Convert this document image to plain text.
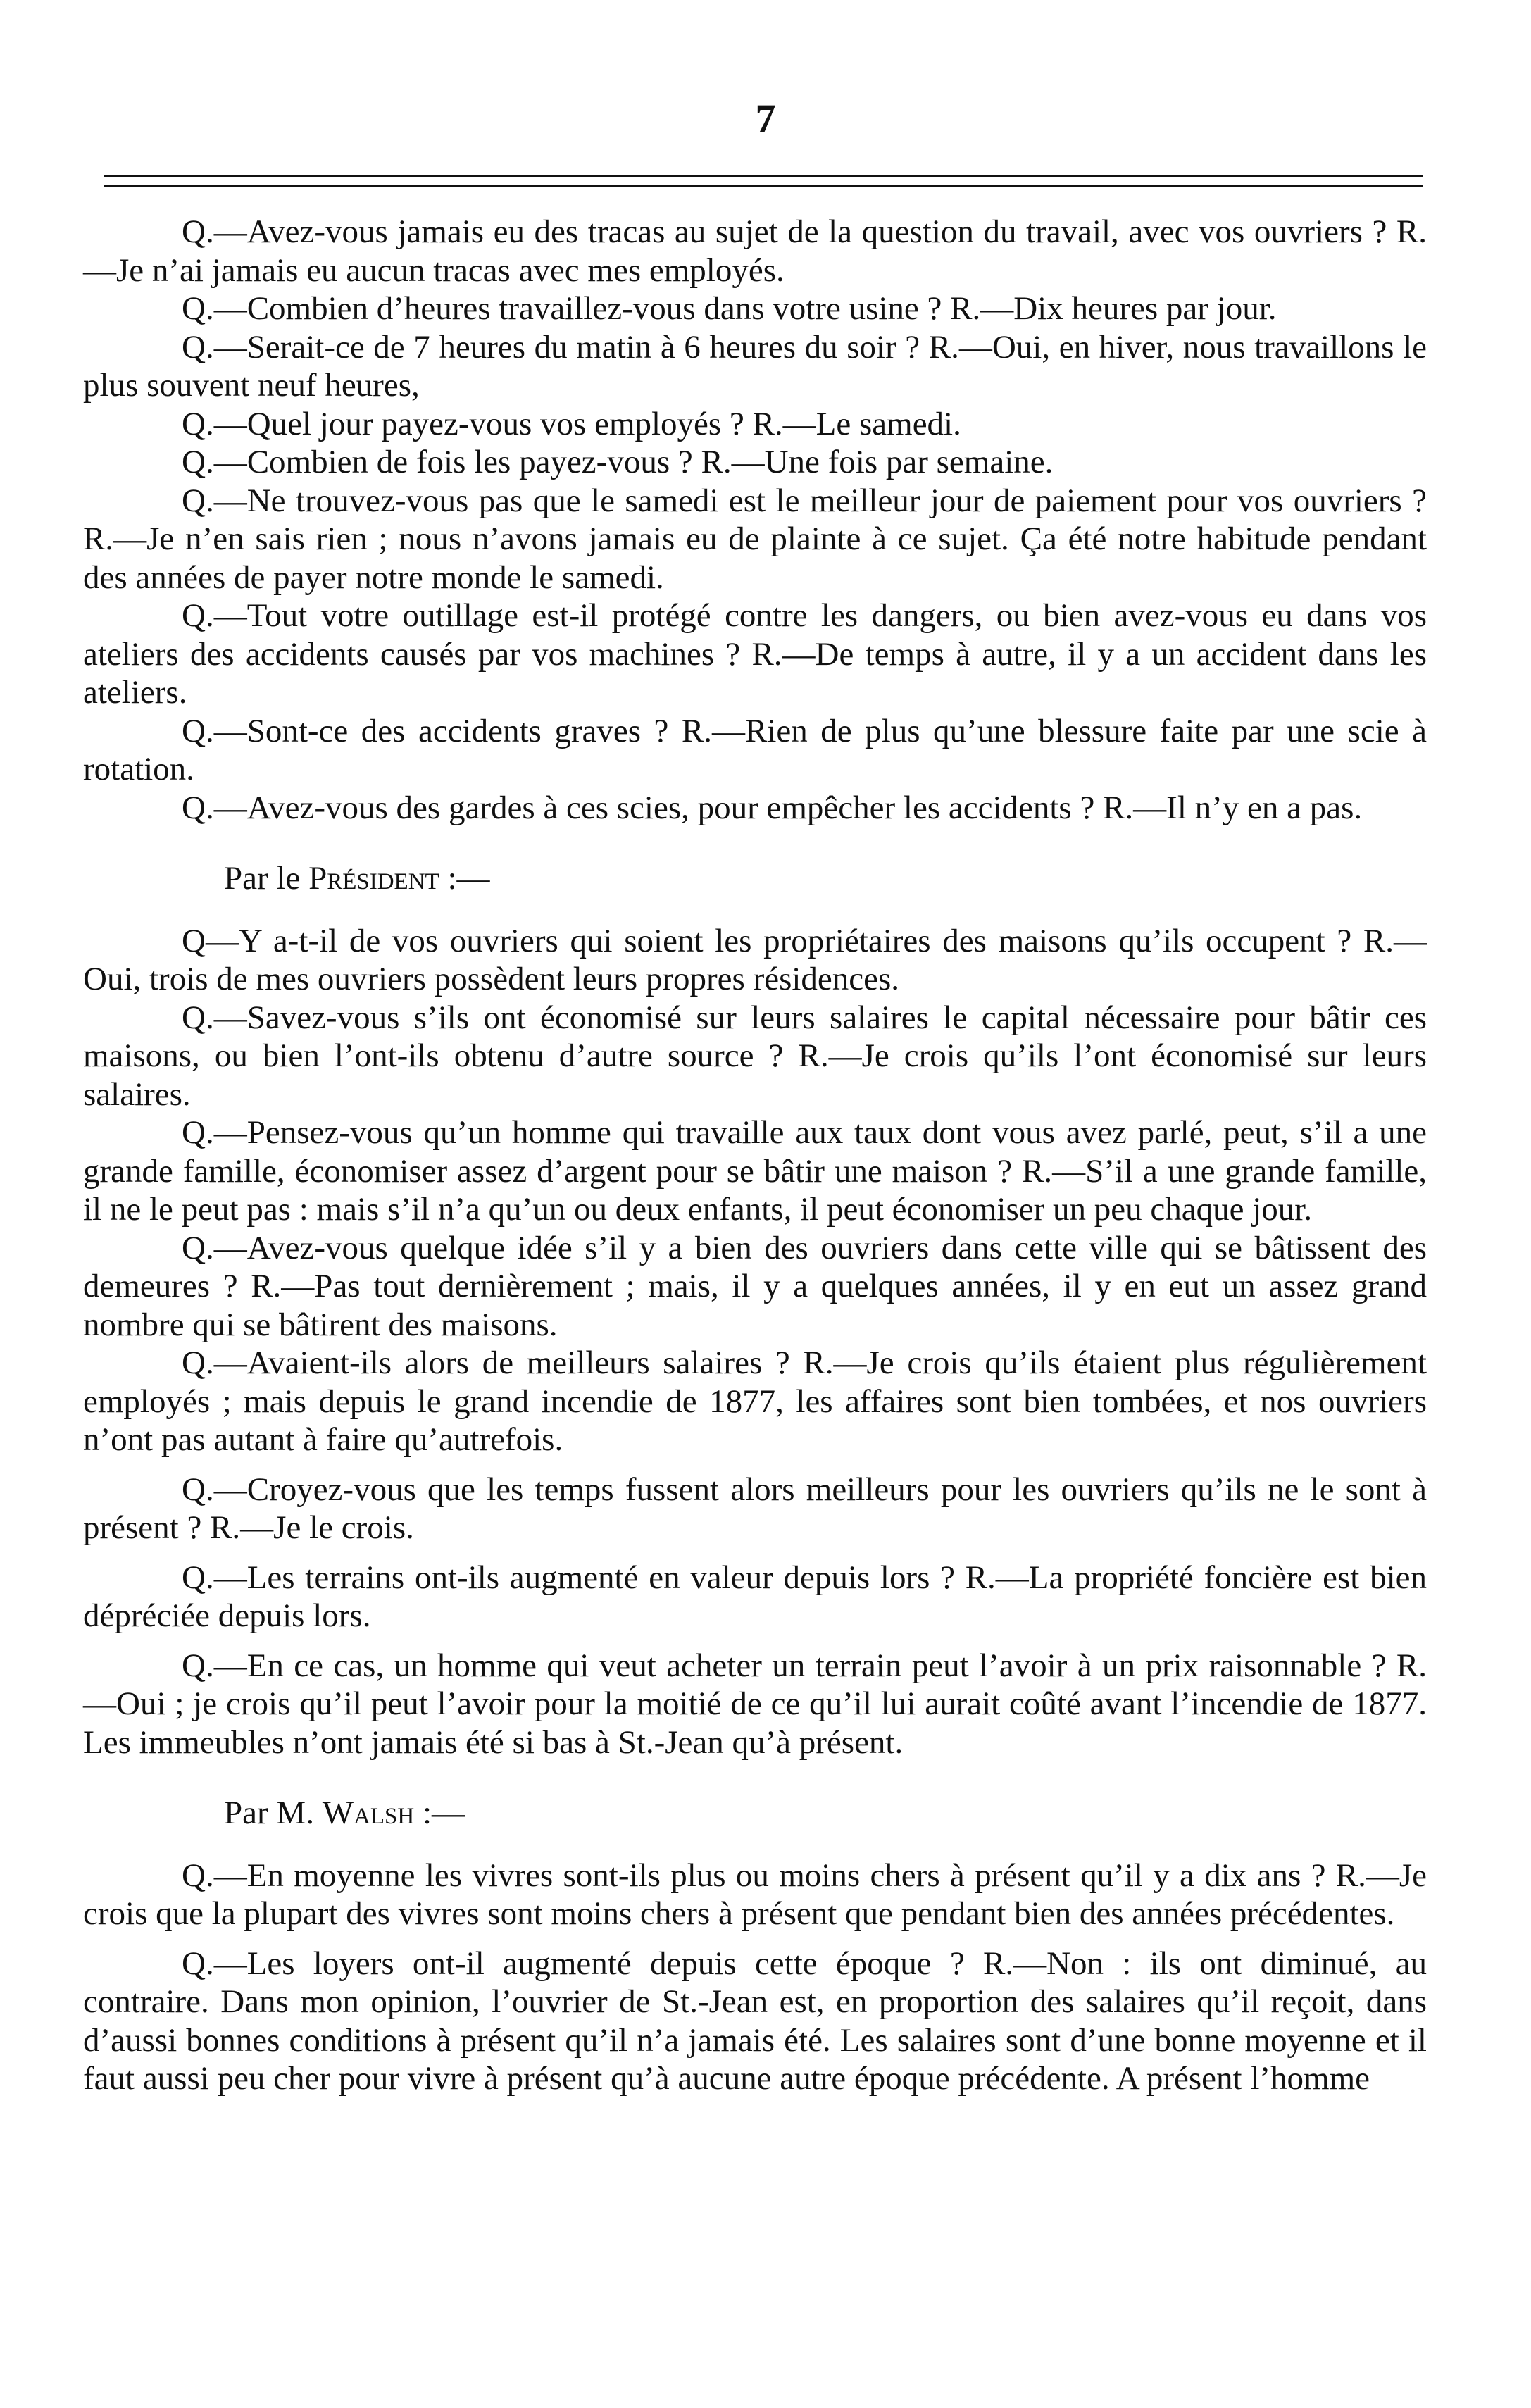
7

Q.—Avez-vous jamais eu des tracas au sujet de la question du travail, avec vos ouvriers ? R.—Je n’ai jamais eu aucun tracas avec mes employés.

Q.—Combien d’heures travaillez-vous dans votre usine ? R.—Dix heures par jour.

Q.—Serait-ce de 7 heures du matin à 6 heures du soir ? R.—Oui, en hiver, nous travaillons le plus souvent neuf heures,

Q.—Quel jour payez-vous vos employés ? R.—Le samedi.

Q.—Combien de fois les payez-vous ? R.—Une fois par semaine.

Q.—Ne trouvez-vous pas que le samedi est le meilleur jour de paiement pour vos ouvriers ? R.—Je n’en sais rien ; nous n’avons jamais eu de plainte à ce sujet. Ça été notre habitude pendant des années de payer notre monde le samedi.

Q.—Tout votre outillage est-il protégé contre les dangers, ou bien avez-vous eu dans vos ateliers des accidents causés par vos machines ? R.—De temps à autre, il y a un accident dans les ateliers.

Q.—Sont-ce des accidents graves ? R.—Rien de plus qu’une blessure faite par une scie à rotation.

Q.—Avez-vous des gardes à ces scies, pour empêcher les accidents ? R.—Il n’y en a pas.

Par le Président :—

Q—Y a-t-il de vos ouvriers qui soient les propriétaires des maisons qu’ils occupent ? R.—Oui, trois de mes ouvriers possèdent leurs propres résidences.

Q.—Savez-vous s’ils ont économisé sur leurs salaires le capital nécessaire pour bâtir ces maisons, ou bien l’ont-ils obtenu d’autre source ? R.—Je crois qu’ils l’ont économisé sur leurs salaires.

Q.—Pensez-vous qu’un homme qui travaille aux taux dont vous avez parlé, peut, s’il a une grande famille, économiser assez d’argent pour se bâtir une maison ? R.—S’il a une grande famille, il ne le peut pas : mais s’il n’a qu’un ou deux enfants, il peut économiser un peu chaque jour.

Q.—Avez-vous quelque idée s’il y a bien des ouvriers dans cette ville qui se bâtissent des demeures ? R.—Pas tout dernièrement ; mais, il y a quelques années, il y en eut un assez grand nombre qui se bâtirent des maisons.

Q.—Avaient-ils alors de meilleurs salaires ? R.—Je crois qu’ils étaient plus régulièrement employés ; mais depuis le grand incendie de 1877, les affaires sont bien tombées, et nos ouvriers n’ont pas autant à faire qu’autrefois.

Q.—Croyez-vous que les temps fussent alors meilleurs pour les ouvriers qu’ils ne le sont à présent ? R.—Je le crois.

Q.—Les terrains ont-ils augmenté en valeur depuis lors ? R.—La propriété foncière est bien dépréciée depuis lors.

Q.—En ce cas, un homme qui veut acheter un terrain peut l’avoir à un prix raisonnable ? R.—Oui ; je crois qu’il peut l’avoir pour la moitié de ce qu’il lui aurait coûté avant l’incendie de 1877. Les immeubles n’ont jamais été si bas à St.-Jean qu’à présent.

Par M. Walsh :—

Q.—En moyenne les vivres sont-ils plus ou moins chers à présent qu’il y a dix ans ? R.—Je crois que la plupart des vivres sont moins chers à présent que pendant bien des années précédentes.

Q.—Les loyers ont-il augmenté depuis cette époque ? R.—Non : ils ont diminué, au contraire. Dans mon opinion, l’ouvrier de St.-Jean est, en proportion des salaires qu’il reçoit, dans d’aussi bonnes conditions à présent qu’il n’a jamais été. Les salaires sont d’une bonne moyenne et il faut aussi peu cher pour vivre à présent qu’à aucune autre époque précédente. A présent l’homme
